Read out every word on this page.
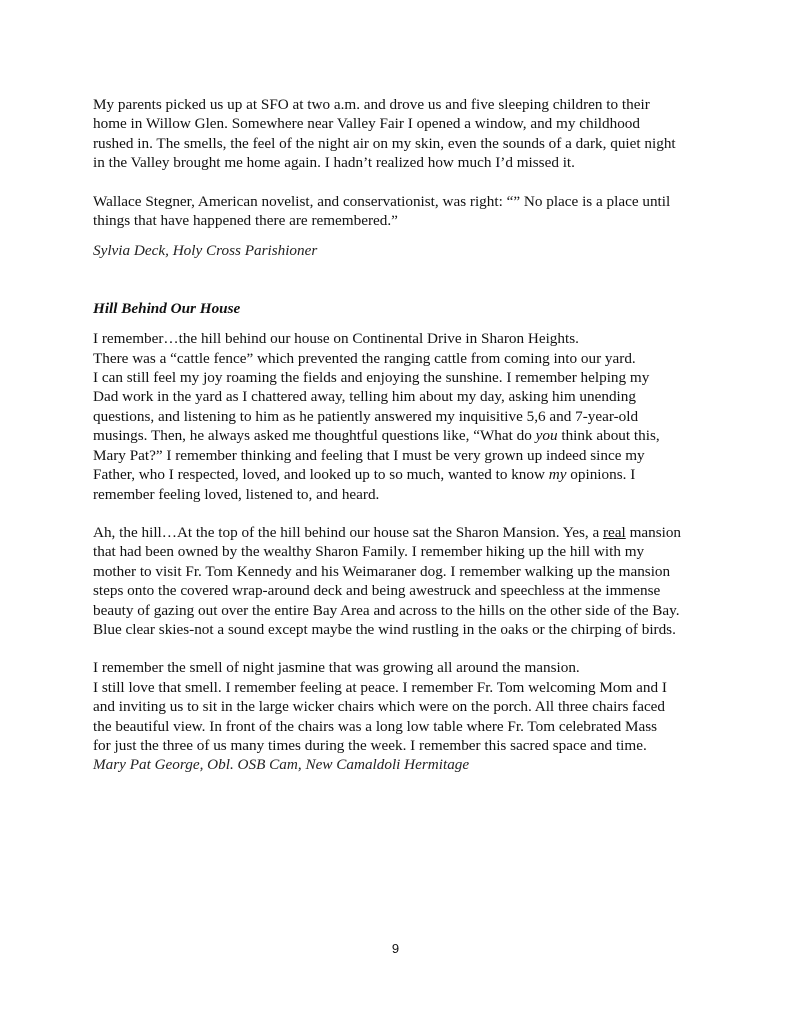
My parents picked us up at SFO at two a.m. and drove us and five sleeping children to their
home in Willow Glen. Somewhere near Valley Fair I opened a window, and my childhood
rushed in. The smells, the feel of the night air on my skin, even the sounds of a dark, quiet night
in the Valley brought me home again. I hadn’t realized how much I’d missed it.
Wallace Stegner, American novelist, and conservationist, was right: “” No place is a place until
things that have happened there are remembered.”
Sylvia Deck, Holy Cross Parishioner
Hill Behind Our House
I remember…the hill behind our house on Continental Drive in Sharon Heights.
There was a “cattle fence” which prevented the ranging cattle from coming into our yard.
I can still feel my joy roaming the fields and enjoying the sunshine. I remember helping my
Dad work in the yard as I chattered away, telling him about my day, asking him unending
questions, and listening to him as he patiently answered my inquisitive 5,6 and 7-year-old
musings. Then, he always asked me thoughtful questions like, “What do you think about this,
Mary Pat?” I remember thinking and feeling that I must be very grown up indeed since my
Father, who I respected, loved, and looked up to so much, wanted to know my opinions. I
remember feeling loved, listened to, and heard.
Ah, the hill…At the top of the hill behind our house sat the Sharon Mansion. Yes, a real mansion
that had been owned by the wealthy Sharon Family. I remember hiking up the hill with my
mother to visit Fr. Tom Kennedy and his Weimaraner dog. I remember walking up the mansion
steps onto the covered wrap-around deck and being awestruck and speechless at the immense
beauty of gazing out over the entire Bay Area and across to the hills on the other side of the Bay.
Blue clear skies-not a sound except maybe the wind rustling in the oaks or the chirping of birds.
I remember the smell of night jasmine that was growing all around the mansion.
I still love that smell. I remember feeling at peace. I remember Fr. Tom welcoming Mom and I
and inviting us to sit in the large wicker chairs which were on the porch. All three chairs faced
the beautiful view. In front of the chairs was a long low table where Fr. Tom celebrated Mass
for just the three of us many times during the week. I remember this sacred space and time.
Mary Pat George, Obl. OSB Cam, New Camaldoli Hermitage
9
